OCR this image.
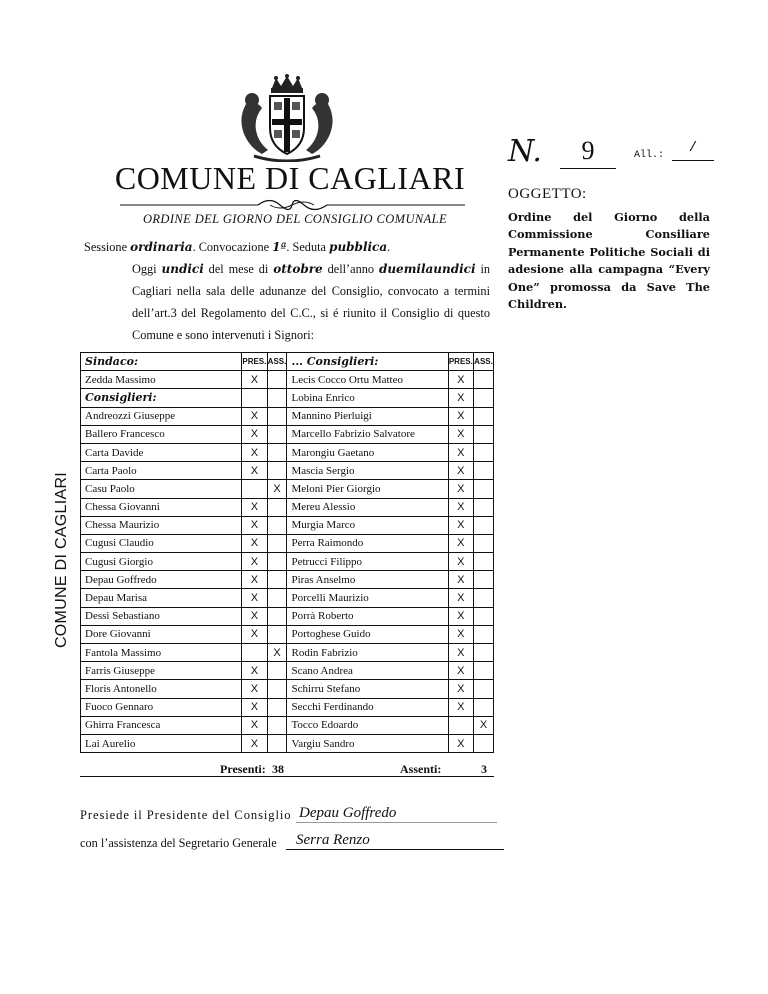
COMUNE DI CAGLIARI
ORDINE DEL GIORNO DEL CONSIGLIO COMUNALE
N.	9	All.:	/
OGGETTO:
Ordine del Giorno della Commissione Consiliare Permanente Politiche Sociali di adesione alla campagna “Every One” promossa da Save The Children.
Sessione ordinaria. Convocazione 1ª. Seduta pubblica.
Oggi undici del mese di ottobre dell’anno duemilaundici in Cagliari nella sala delle adunanze del Consiglio, convocato a termini dell’art.3 del Regolamento del C.C., si é riunito il Consiglio di questo Comune e sono intervenuti i Signori:
COMUNE DI CAGLIARI
Sindaco:	PRES.	ASS.	... Consiglieri:	PRES.	ASS.
Zedda Massimo	X		Lecis Cocco Ortu Matteo	X	
Consiglieri:			Lobina Enrico	X	
Andreozzi Giuseppe	X		Mannino Pierluigi	X	
Ballero Francesco	X		Marcello Fabrizio Salvatore	X	
Carta Davide	X		Marongiu Gaetano	X	
Carta Paolo	X		Mascia Sergio	X	
Casu Paolo		X	Meloni Pier Giorgio	X	
Chessa Giovanni	X		Mereu Alessio	X	
Chessa Maurizio	X		Murgia Marco	X	
Cugusi Claudio	X		Perra Raimondo	X	
Cugusi Giorgio	X		Petrucci Filippo	X	
Depau Goffredo	X		Piras Anselmo	X	
Depau Marisa	X		Porcelli Maurizio	X	
Dessì Sebastiano	X		Porrà Roberto	X	
Dore Giovanni	X		Portoghese Guido	X	
Fantola Massimo		X	Rodin Fabrizio	X	
Farris Giuseppe	X		Scano Andrea	X	
Floris Antonello	X		Schirru Stefano	X	
Fuoco Gennaro	X		Secchi Ferdinando	X	
Ghirra Francesca	X		Tocco Edoardo		X
Lai Aurelio	X		Vargiu Sandro	X	
Presenti: 38	Assenti:	3
Presiede il Presidente del Consiglio Depau Goffredo
con l’assistenza del Segretario Generale	Serra Renzo
